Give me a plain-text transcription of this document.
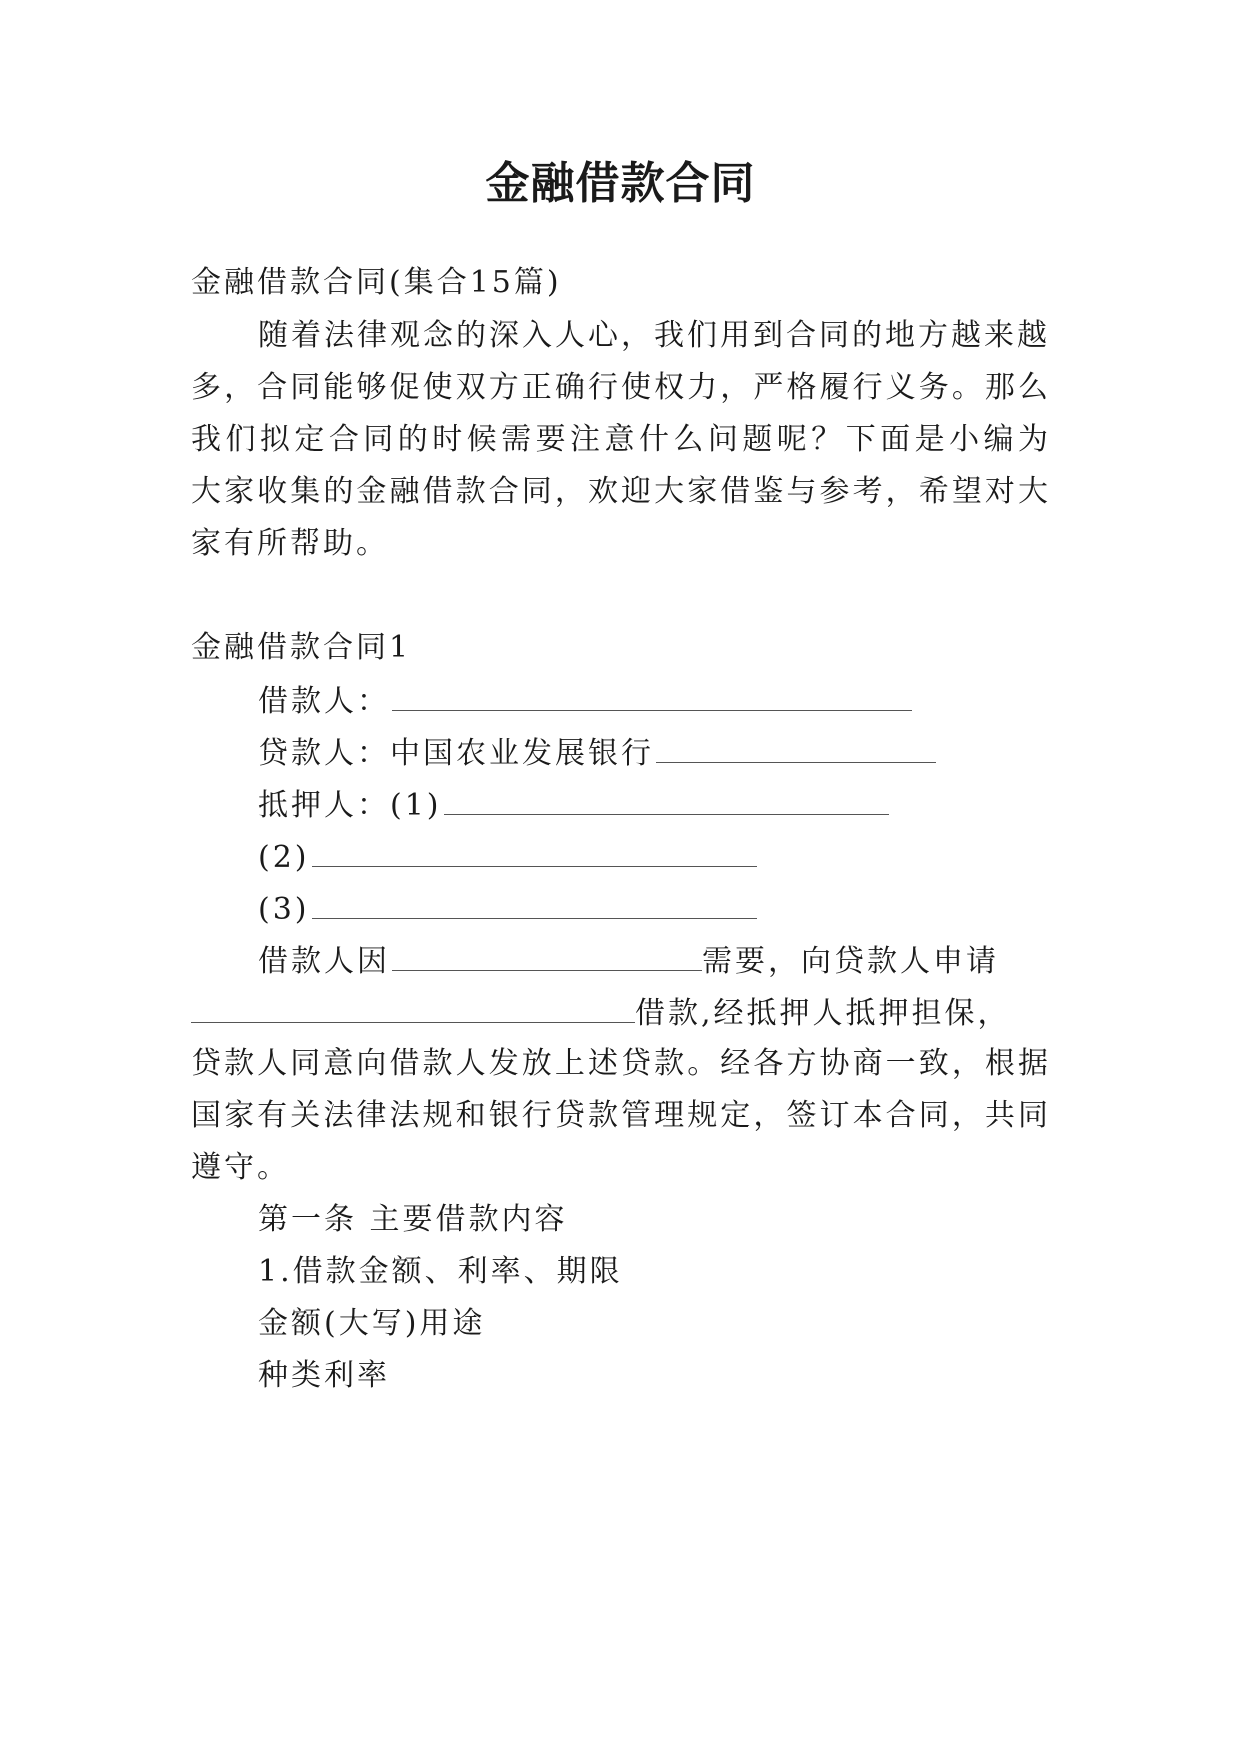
金融借款合同
金融借款合同(集合15篇)
随着法律观念的深入人心，我们用到合同的地方越来越
多，合同能够促使双方正确行使权力，严格履行义务。那么
我们拟定合同的时候需要注意什么问题呢？下面是小编为
大家收集的金融借款合同，欢迎大家借鉴与参考，希望对大
家有所帮助。
金融借款合同1
借款人：
贷款人：中国农业发展银行
抵押人：(1)
(2)
(3)
借款人因	需要，向贷款人申请
借款,经抵押人抵押担保，
贷款人同意向借款人发放上述贷款。经各方协商一致，根据
国家有关法律法规和银行贷款管理规定，签订本合同，共同
遵守。
第一条 主要借款内容
1.借款金额、利率、期限
金额(大写)用途
种类利率
